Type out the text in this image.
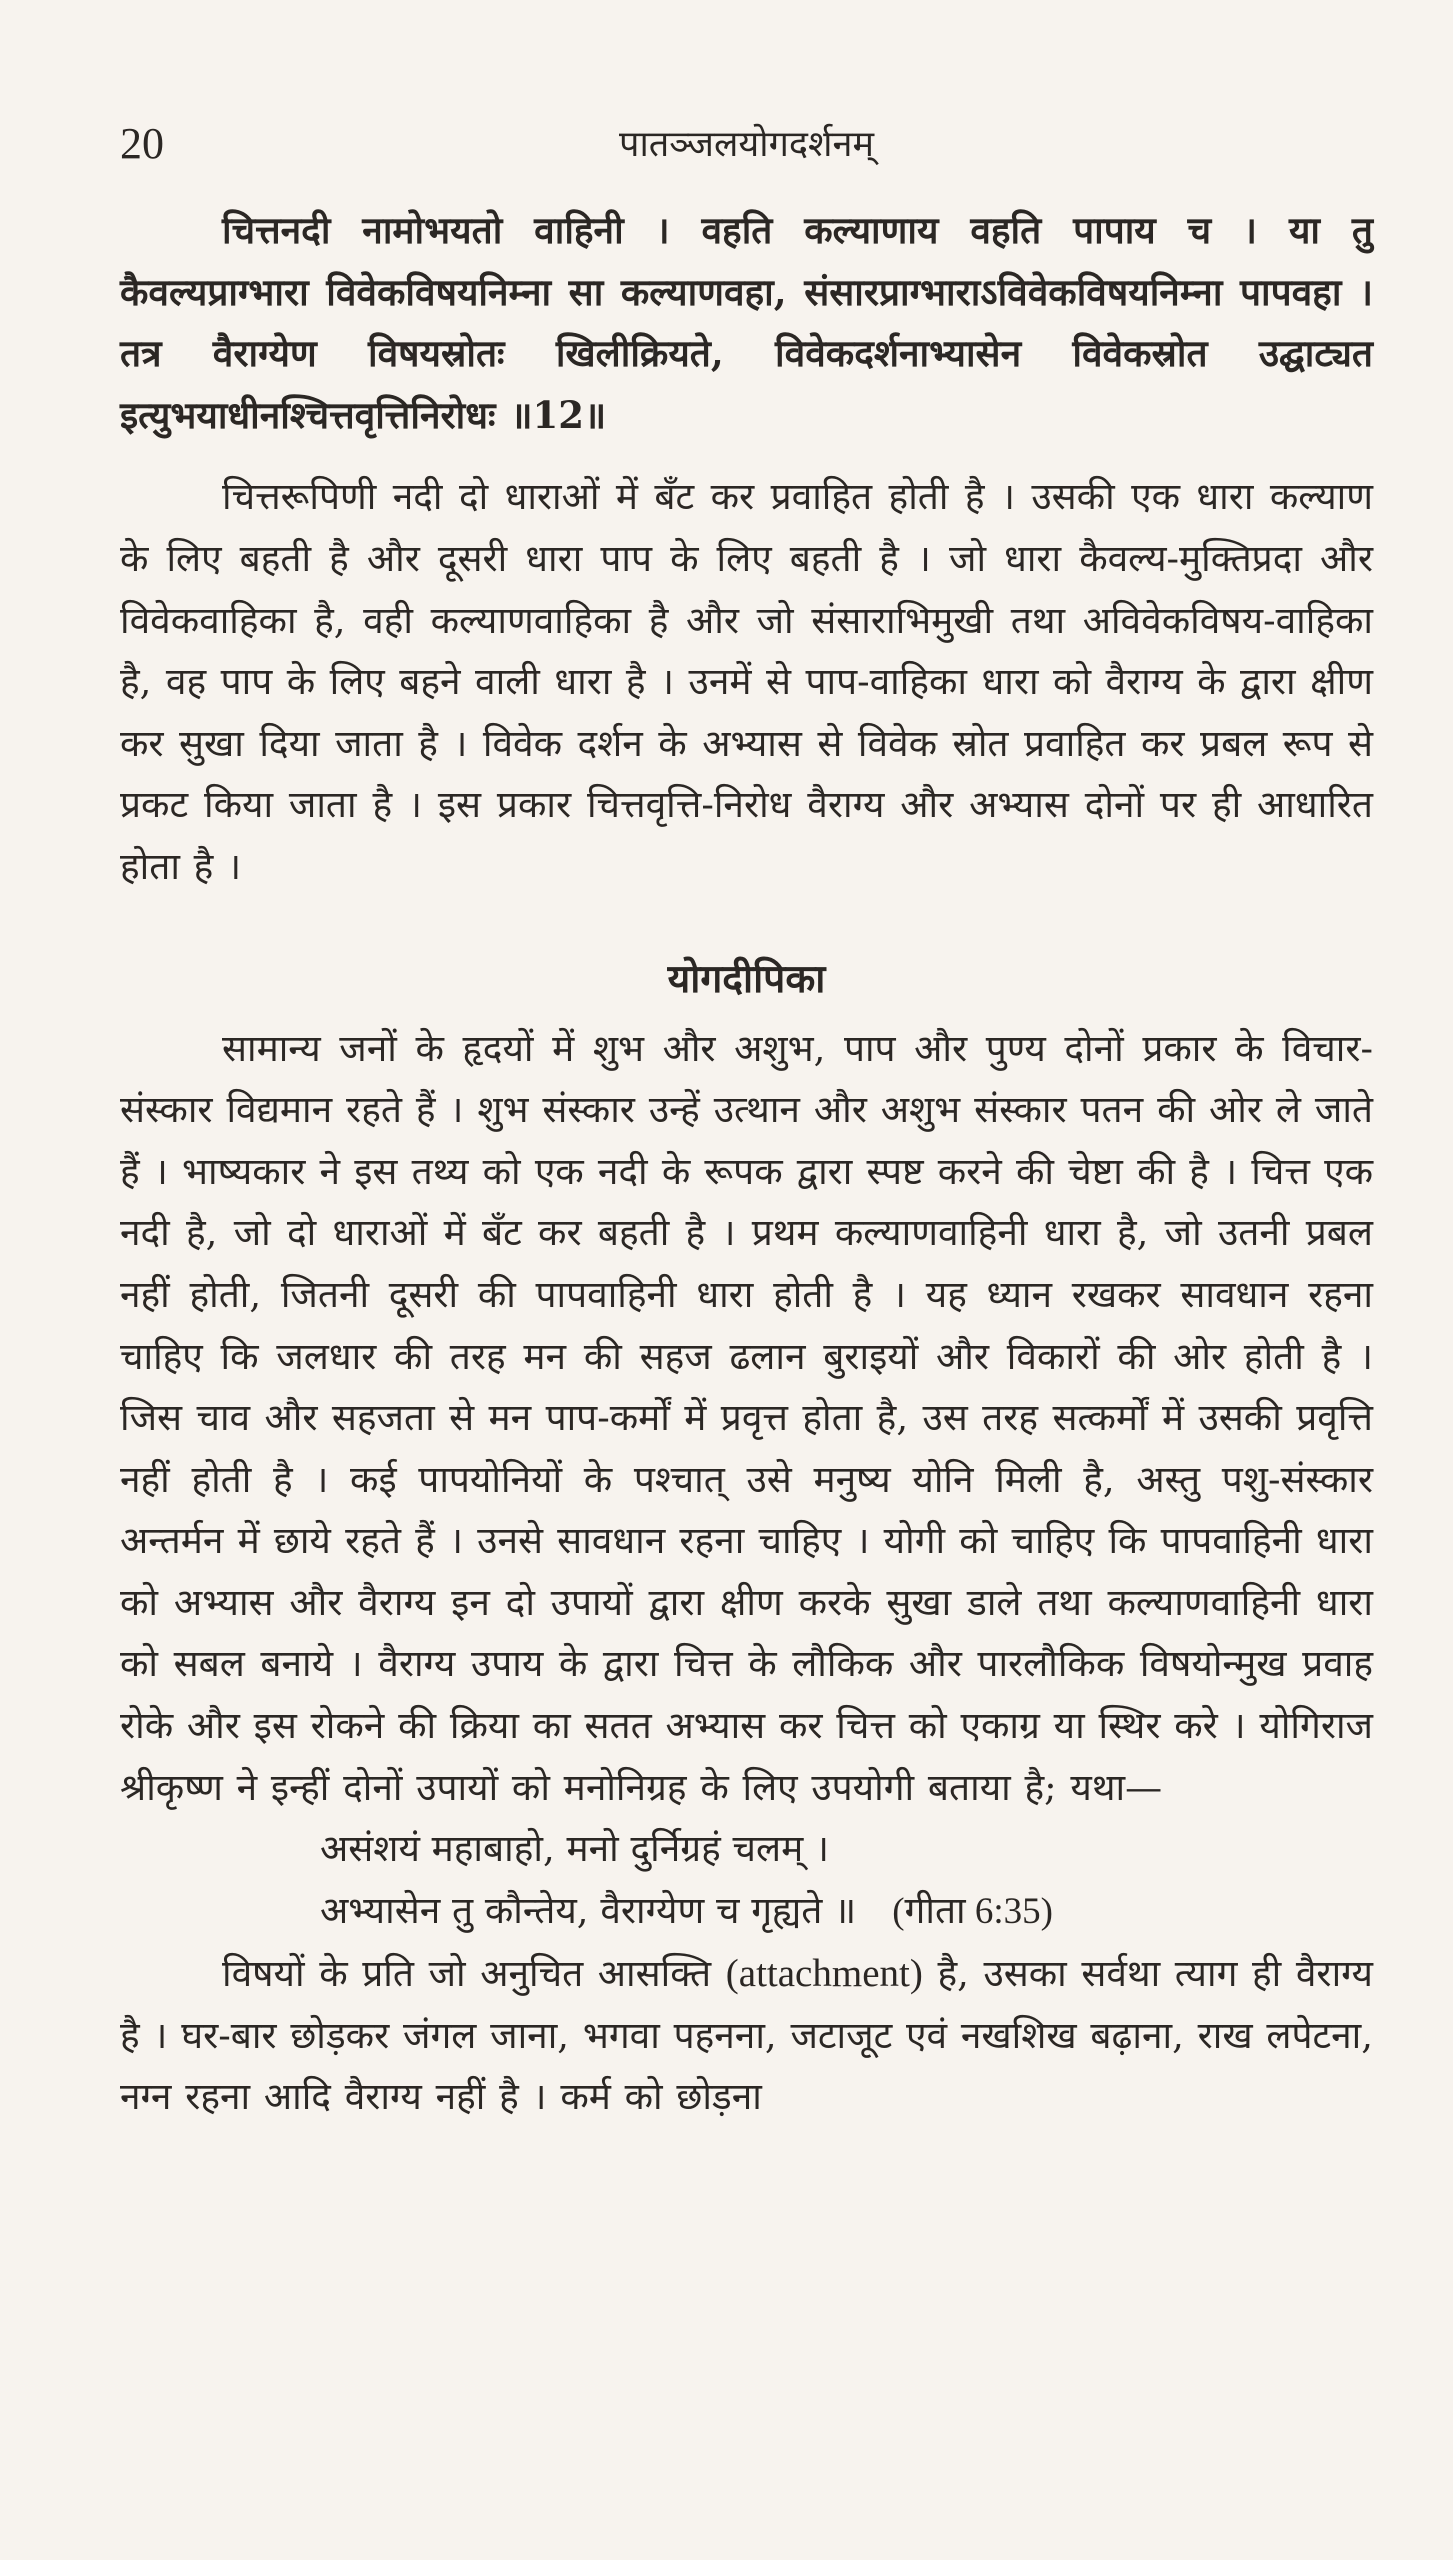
20	पातञ्जलयोगदर्शनम्

चित्तनदी नामोभयतो वाहिनी । वहति कल्याणाय वहति पापाय च । या तु कैवल्यप्राग्भारा विवेकविषयनिम्ना सा कल्याणवहा, संसारप्राग्भाराऽविवेकविषयनिम्ना पापवहा । तत्र वैराग्येण विषयस्रोतः खिलीक्रियते, विवेकदर्शनाभ्यासेन विवेकस्रोत उद्घाट्यत इत्युभयाधीनश्चित्तवृत्तिनिरोधः ॥12॥

चित्तरूपिणी नदी दो धाराओं में बँट कर प्रवाहित होती है । उसकी एक धारा कल्याण के लिए बहती है और दूसरी धारा पाप के लिए बहती है । जो धारा कैवल्य-मुक्तिप्रदा और विवेकवाहिका है, वही कल्याणवाहिका है और जो संसाराभिमुखी तथा अविवेकविषय-वाहिका है, वह पाप के लिए बहने वाली धारा है । उनमें से पाप-वाहिका धारा को वैराग्य के द्वारा क्षीण कर सुखा दिया जाता है । विवेक दर्शन के अभ्यास से विवेक स्रोत प्रवाहित कर प्रबल रूप से प्रकट किया जाता है । इस प्रकार चित्तवृत्ति-निरोध वैराग्य और अभ्यास दोनों पर ही आधारित होता है ।

योगदीपिका

सामान्य जनों के हृदयों में शुभ और अशुभ, पाप और पुण्य दोनों प्रकार के विचार-संस्कार विद्यमान रहते हैं । शुभ संस्कार उन्हें उत्थान और अशुभ संस्कार पतन की ओर ले जाते हैं । भाष्यकार ने इस तथ्य को एक नदी के रूपक द्वारा स्पष्ट करने की चेष्टा की है । चित्त एक नदी है, जो दो धाराओं में बँट कर बहती है । प्रथम कल्याणवाहिनी धारा है, जो उतनी प्रबल नहीं होती, जितनी दूसरी की पापवाहिनी धारा होती है । यह ध्यान रखकर सावधान रहना चाहिए कि जलधार की तरह मन की सहज ढलान बुराइयों और विकारों की ओर होती है । जिस चाव और सहजता से मन पाप-कर्मों में प्रवृत्त होता है, उस तरह सत्कर्मों में उसकी प्रवृत्ति नहीं होती है । कई पापयोनियों के पश्चात् उसे मनुष्य योनि मिली है, अस्तु पशु-संस्कार अन्तर्मन में छाये रहते हैं । उनसे सावधान रहना चाहिए । योगी को चाहिए कि पापवाहिनी धारा को अभ्यास और वैराग्य इन दो उपायों द्वारा क्षीण करके सुखा डाले तथा कल्याणवाहिनी धारा को सबल बनाये । वैराग्य उपाय के द्वारा चित्त के लौकिक और पारलौकिक विषयोन्मुख प्रवाह रोके और इस रोकने की क्रिया का सतत अभ्यास कर चित्त को एकाग्र या स्थिर करे । योगिराज श्रीकृष्ण ने इन्हीं दोनों उपायों को मनोनिग्रह के लिए उपयोगी बताया है; यथा—

असंशयं महाबाहो, मनो दुर्निग्रहं चलम् ।
अभ्यासेन तु कौन्तेय, वैराग्येण च गृह्यते ॥ (गीता 6:35)

विषयों के प्रति जो अनुचित आसक्ति (attachment) है, उसका सर्वथा त्याग ही वैराग्य है । घर-बार छोड़कर जंगल जाना, भगवा पहनना, जटाजूट एवं नखशिख बढ़ाना, राख लपेटना, नग्न रहना आदि वैराग्य नहीं है । कर्म को छोड़ना
